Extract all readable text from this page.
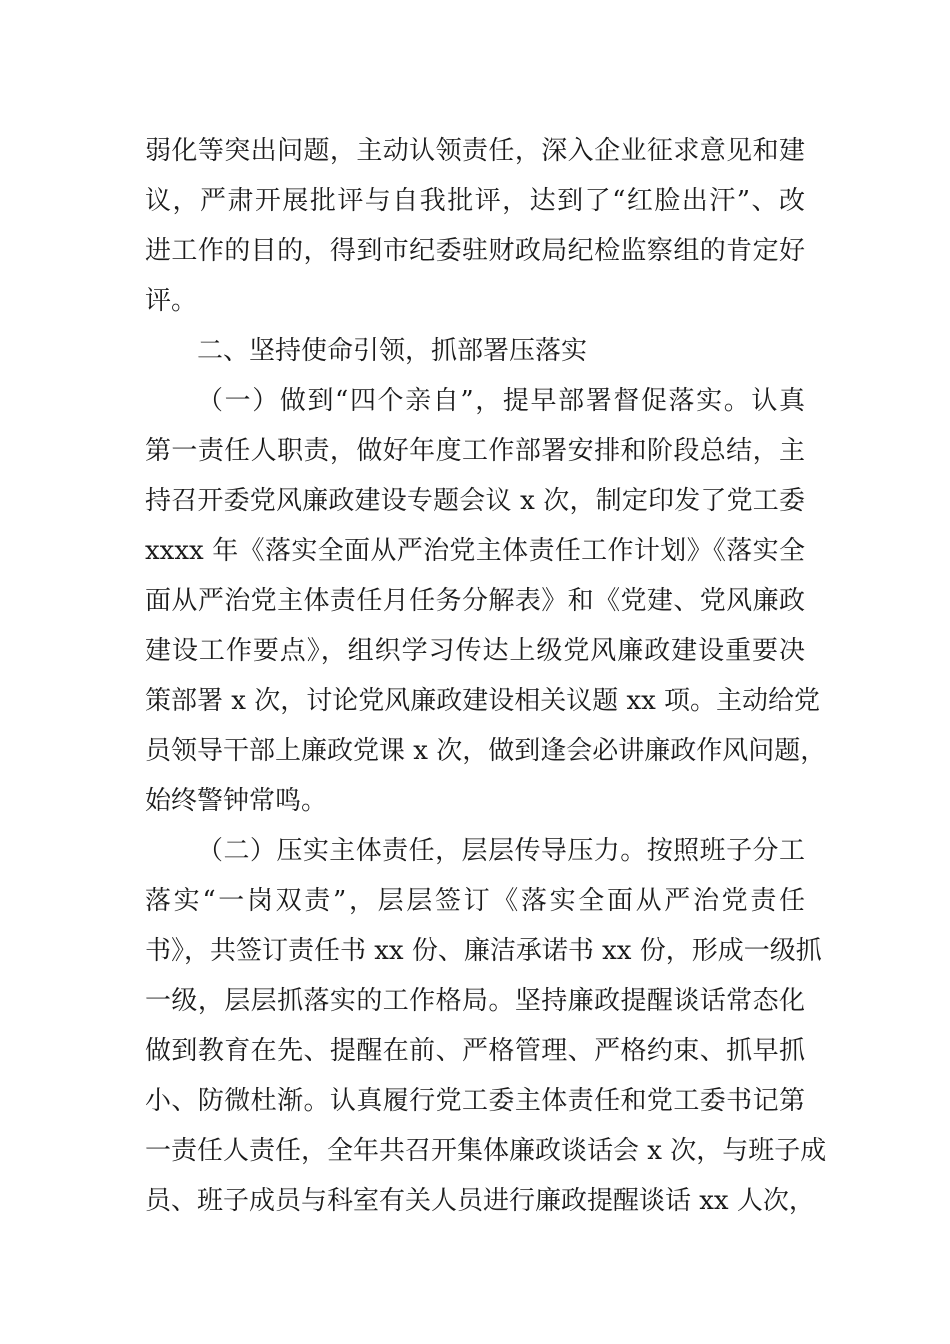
弱化等突出问题，主动认领责任，深入企业征求意见和建
议，严肃开展批评与自我批评，达到了“红脸出汗”、改
进工作的目的，得到市纪委驻财政局纪检监察组的肯定好
评。
二、坚持使命引领，抓部署压落实
（一）做到“四个亲自”，提早部署督促落实。认真
第一责任人职责，做好年度工作部署安排和阶段总结，主
持召开委党风廉政建设专题会议 x 次，制定印发了党工委
xxxx 年《落实全面从严治党主体责任工作计划》《落实全
面从严治党主体责任月任务分解表》和《党建、党风廉政
建设工作要点》，组织学习传达上级党风廉政建设重要决
策部署 x 次，讨论党风廉政建设相关议题 xx 项。主动给党
员领导干部上廉政党课 x 次，做到逢会必讲廉政作风问题，
始终警钟常鸣。
（二）压实主体责任，层层传导压力。按照班子分工
落实“一岗双责”，层层签订《落实全面从严治党责任
书》，共签订责任书 xx 份、廉洁承诺书 xx 份，形成一级抓
一级，层层抓落实的工作格局。坚持廉政提醒谈话常态化
做到教育在先、提醒在前、严格管理、严格约束、抓早抓
小、防微杜渐。认真履行党工委主体责任和党工委书记第
一责任人责任，全年共召开集体廉政谈话会 x 次，与班子成
员、班子成员与科室有关人员进行廉政提醒谈话 xx 人次，
